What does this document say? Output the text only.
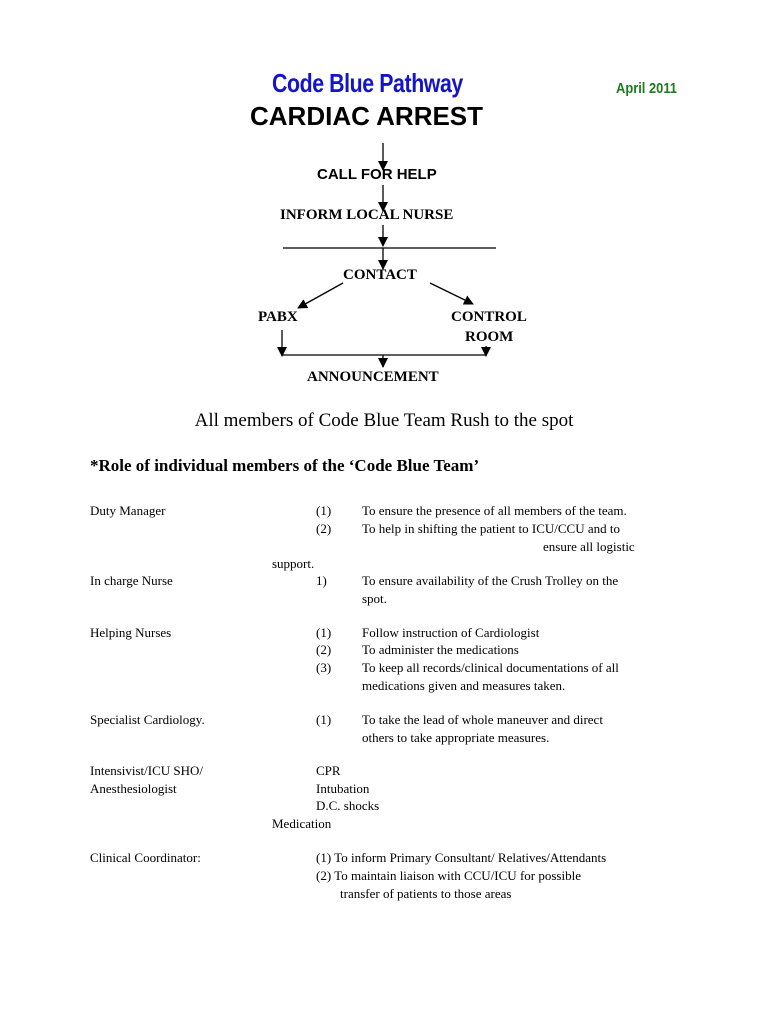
Code Blue Pathway	April 2011
CARDIAC ARREST
CALL FOR HELP
INFORM LOCAL NURSE
CONTACT
PABX	CONTROL
ROOM
ANNOUNCEMENT
All members of Code Blue Team Rush to the spot
*Role of individual members of the ‘Code Blue Team’
Duty Manager	(1) To ensure the presence of all members of the team.
(2) To help in shifting the patient to ICU/CCU and to
ensure all logistic
support.
In charge Nurse	1)	To ensure availability of the Crush Trolley on the
spot.
Helping Nurses	(1) Follow instruction of Cardiologist
(2) To administer the medications
(3) To keep all records/clinical documentations of all
medications given and measures taken.
Specialist Cardiology.	(1) To take the lead of whole maneuver and direct
others to take appropriate measures.
Intensivist/ICU SHO/
Anesthesiologist
CPR
Intubation
D.C. shocks
Medication
Clinical Coordinator:	(1) To inform Primary Consultant/ Relatives/Attendants
(2) To maintain liaison with CCU/ICU for possible
transfer of patients to those areas
